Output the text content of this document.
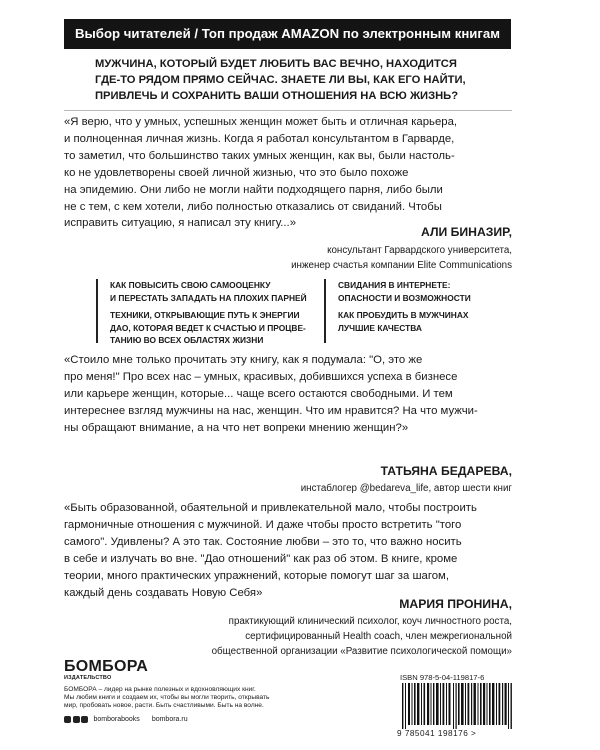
Выбор читателей / Топ продаж AMAZON по электронным книгам
МУЖЧИНА, КОТОРЫЙ БУДЕТ ЛЮБИТЬ ВАС ВЕЧНО, НАХОДИТСЯ
ГДЕ-ТО РЯДОМ ПРЯМО СЕЙЧАС. ЗНАЕТЕ ЛИ ВЫ, КАК ЕГО НАЙТИ,
ПРИВЛЕЧЬ И СОХРАНИТЬ ВАШИ ОТНОШЕНИЯ НА ВСЮ ЖИЗНЬ?
«Я верю, что у умных, успешных женщин может быть и отличная карьера,
и полноценная личная жизнь. Когда я работал консультантом в Гарварде,
то заметил, что большинство таких умных женщин, как вы, были настоль-
ко не удовлетворены своей личной жизнью, что это было похоже
на эпидемию. Они либо не могли найти подходящего парня, либо были
не с тем, с кем хотели, либо полностью отказались от свиданий. Чтобы
исправить ситуацию, я написал эту книгу...»
АЛИ БИНАЗИР,
консультант Гарвардского университета,
инженер счастья компании Elite Communications
КАК ПОВЫСИТЬ СВОЮ САМООЦЕНКУ
И ПЕРЕСТАТЬ ЗАПАДАТЬ НА ПЛОХИХ ПАРНЕЙ
ТЕХНИКИ, ОТКРЫВАЮЩИЕ ПУТЬ К ЭНЕРГИИ
ДАО, КОТОРАЯ ВЕДЕТ К СЧАСТЬЮ И ПРОЦВЕ-
ТАНИЮ ВО ВСЕХ ОБЛАСТЯХ ЖИЗНИ
СВИДАНИЯ В ИНТЕРНЕТЕ:
ОПАСНОСТИ И ВОЗМОЖНОСТИ
КАК ПРОБУДИТЬ В МУЖЧИНАХ
ЛУЧШИЕ КАЧЕСТВА
«Стоило мне только прочитать эту книгу, как я подумала: "О, это же
про меня!" Про всех нас – умных, красивых, добившихся успеха в бизнесе
или карьере женщин, которые... чаще всего остаются свободными. И тем
интереснее взгляд мужчины на нас, женщин. Что им нравится? На что мужчи-
ны обращают внимание, а на что нет вопреки мнению женщин?»
ТАТЬЯНА БЕДАРЕВА,
инстаблогер @bedareva_life, автор шести книг
«Быть образованной, обаятельной и привлекательной мало, чтобы построить
гармоничные отношения с мужчиной. И даже чтобы просто встретить "того
самого". Удивлены? А это так. Состояние любви – это то, что важно носить
в себе и излучать во вне. "Дао отношений" как раз об этом. В книге, кроме
теории, много практических упражнений, которые помогут шаг за шагом,
каждый день создавать Новую Себя»
МАРИЯ ПРОНИНА,
практикующий клинический психолог, коуч личностного роста,
сертифицированный Health coach, член межрегиональной
общественной организации «Развитие психологической помощи»
БОМБОРА
ИЗДАТЕЛЬСТВО
БОМБОРА – лидер на рынке полезных и вдохновляющих книг.
Мы любим книги и создаем их, чтобы вы могли творить, открывать
мир, пробовать новое, расти. Быть счастливыми. Быть на волне.
bomborabooks bombora.ru
ISBN 978-5-04-119817-6
9 785041 198176 >
